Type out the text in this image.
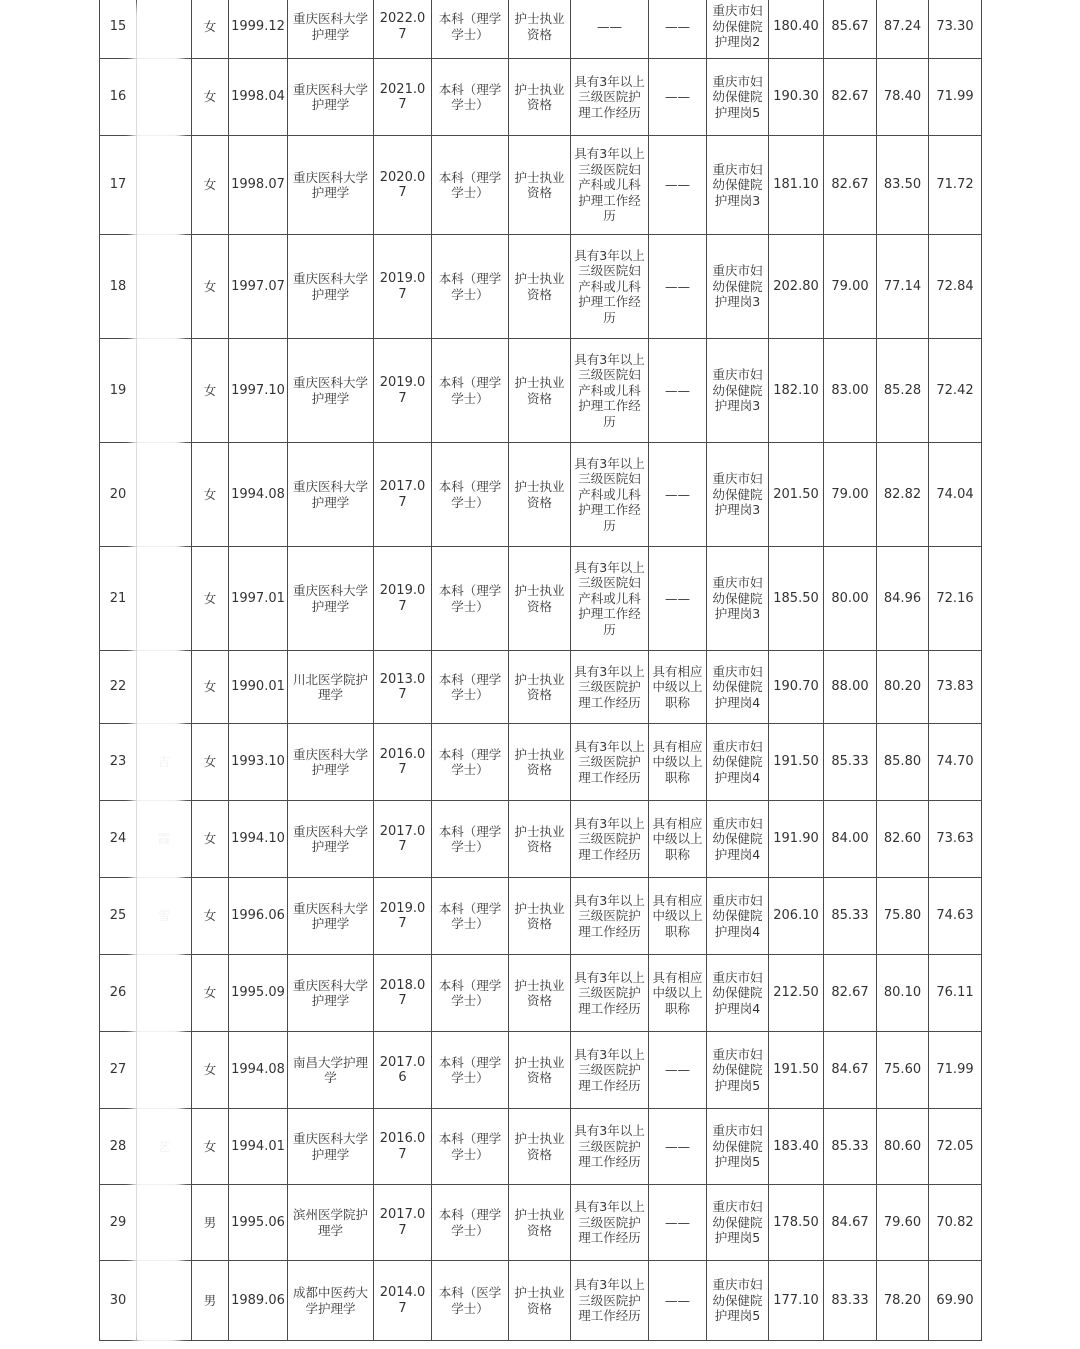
15		女	1999.12	重庆医科大学护理学	2022.07	本科（理学学士）	护士执业资格	——	——	重庆市妇幼保健院护理岗2	180.40	85.67	87.24	73.30
16		女	1998.04	重庆医科大学护理学	2021.07	本科（理学学士）	护士执业资格	具有3年以上三级医院护理工作经历	——	重庆市妇幼保健院护理岗5	190.30	82.67	78.40	71.99
17		女	1998.07	重庆医科大学护理学	2020.07	本科（理学学士）	护士执业资格	具有3年以上三级医院妇产科或儿科护理工作经历	——	重庆市妇幼保健院护理岗3	181.10	82.67	83.50	71.72
18		女	1997.07	重庆医科大学护理学	2019.07	本科（理学学士）	护士执业资格	具有3年以上三级医院妇产科或儿科护理工作经历	——	重庆市妇幼保健院护理岗3	202.80	79.00	77.14	72.84
19		女	1997.10	重庆医科大学护理学	2019.07	本科（理学学士）	护士执业资格	具有3年以上三级医院妇产科或儿科护理工作经历	——	重庆市妇幼保健院护理岗3	182.10	83.00	85.28	72.42
20		女	1994.08	重庆医科大学护理学	2017.07	本科（理学学士）	护士执业资格	具有3年以上三级医院妇产科或儿科护理工作经历	——	重庆市妇幼保健院护理岗3	201.50	79.00	82.82	74.04
21		女	1997.01	重庆医科大学护理学	2019.07	本科（理学学士）	护士执业资格	具有3年以上三级医院妇产科或儿科护理工作经历	——	重庆市妇幼保健院护理岗3	185.50	80.00	84.96	72.16
22		女	1990.01	川北医学院护理学	2013.07	本科（理学学士）	护士执业资格	具有3年以上三级医院护理工作经历	具有相应中级以上职称	重庆市妇幼保健院护理岗4	190.70	88.00	80.20	73.83
23		女	1993.10	重庆医科大学护理学	2016.07	本科（理学学士）	护士执业资格	具有3年以上三级医院护理工作经历	具有相应中级以上职称	重庆市妇幼保健院护理岗4	191.50	85.33	85.80	74.70
24		女	1994.10	重庆医科大学护理学	2017.07	本科（理学学士）	护士执业资格	具有3年以上三级医院护理工作经历	具有相应中级以上职称	重庆市妇幼保健院护理岗4	191.90	84.00	82.60	73.63
25		女	1996.06	重庆医科大学护理学	2019.07	本科（理学学士）	护士执业资格	具有3年以上三级医院护理工作经历	具有相应中级以上职称	重庆市妇幼保健院护理岗4	206.10	85.33	75.80	74.63
26		女	1995.09	重庆医科大学护理学	2018.07	本科（理学学士）	护士执业资格	具有3年以上三级医院护理工作经历	具有相应中级以上职称	重庆市妇幼保健院护理岗4	212.50	82.67	80.10	76.11
27		女	1994.08	南昌大学护理学	2017.06	本科（理学学士）	护士执业资格	具有3年以上三级医院护理工作经历	——	重庆市妇幼保健院护理岗5	191.50	84.67	75.60	71.99
28		女	1994.01	重庆医科大学护理学	2016.07	本科（理学学士）	护士执业资格	具有3年以上三级医院护理工作经历	——	重庆市妇幼保健院护理岗5	183.40	85.33	80.60	72.05
29		男	1995.06	滨州医学院护理学	2017.07	本科（理学学士）	护士执业资格	具有3年以上三级医院护理工作经历	——	重庆市妇幼保健院护理岗5	178.50	84.67	79.60	70.82
30		男	1989.06	成都中医药大学护理学	2014.07	本科（医学学士）	护士执业资格	具有3年以上三级医院护理工作经历	——	重庆市妇幼保健院护理岗5	177.10	83.33	78.20	69.90
